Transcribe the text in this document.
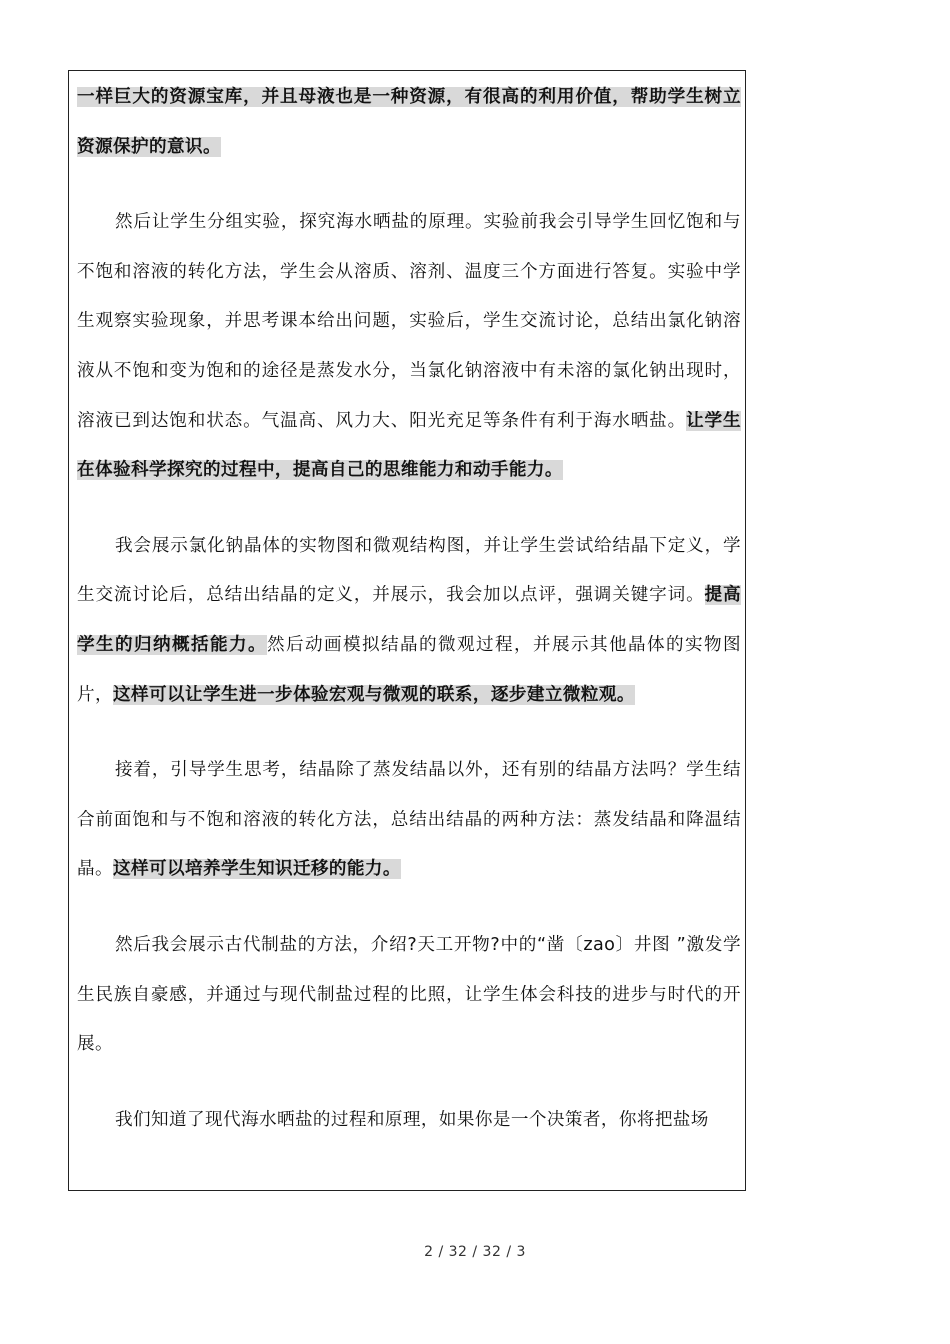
一样巨大的资源宝库，并且母液也是一种资源，有很高的利用价值，帮助学生树立资源保护的意识。

然后让学生分组实验，探究海水晒盐的原理。实验前我会引导学生回忆饱和与不饱和溶液的转化方法，学生会从溶质、溶剂、温度三个方面进行答复。实验中学生观察实验现象，并思考课本给出问题，实验后，学生交流讨论，总结出氯化钠溶液从不饱和变为饱和的途径是蒸发水分，当氯化钠溶液中有未溶的氯化钠出现时，溶液已到达饱和状态。气温高、风力大、阳光充足等条件有利于海水晒盐。让学生在体验科学探究的过程中，提高自己的思维能力和动手能力。

我会展示氯化钠晶体的实物图和微观结构图，并让学生尝试给结晶下定义，学生交流讨论后，总结出结晶的定义，并展示，我会加以点评，强调关键字词。提高学生的归纳概括能力。然后动画模拟结晶的微观过程，并展示其他晶体的实物图片，这样可以让学生进一步体验宏观与微观的联系，逐步建立微粒观。

接着，引导学生思考，结晶除了蒸发结晶以外，还有别的结晶方法吗？学生结合前面饱和与不饱和溶液的转化方法，总结出结晶的两种方法：蒸发结晶和降温结晶。这样可以培养学生知识迁移的能力。

然后我会展示古代制盐的方法，介绍?天工开物?中的“凿〔zao〕井图 ”激发学生民族自豪感，并通过与现代制盐过程的比照，让学生体会科技的进步与时代的开展。

我们知道了现代海水晒盐的过程和原理，如果你是一个决策者，你将把盐场

2 / 32 / 32 / 3
